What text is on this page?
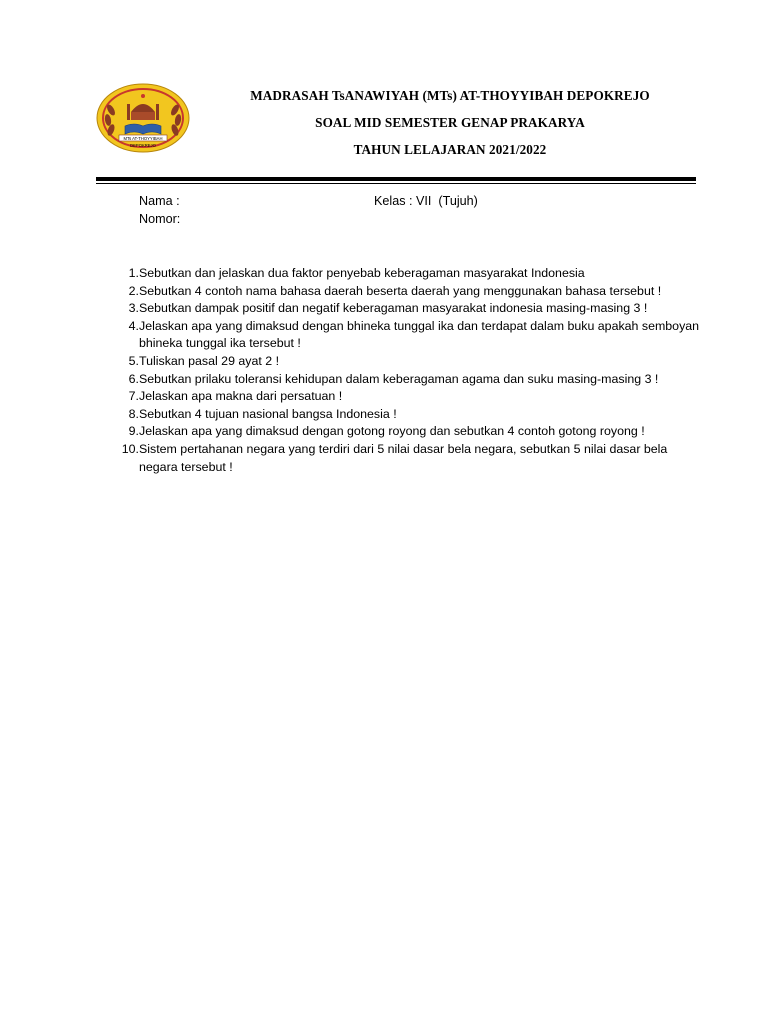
MTs AT-THOYYIBAH
DEPOKREJO
MADRASAH TsANAWIYAH (MTs) AT-THOYYIBAH DEPOKREJO
SOAL MID SEMESTER GENAP PRAKARYA
TAHUN LELAJARAN 2021/2022
Nama :
Nomor:
Kelas : VII  (Tujuh)
1. Sebutkan dan jelaskan dua faktor penyebab keberagaman masyarakat Indonesia
2. Sebutkan 4 contoh nama bahasa daerah beserta daerah yang menggunakan bahasa tersebut !
3. Sebutkan dampak positif dan negatif keberagaman masyarakat indonesia masing-masing 3 !
4. Jelaskan apa yang dimaksud dengan bhineka tunggal ika dan terdapat dalam buku apakah semboyan bhineka tunggal ika tersebut !
5. Tuliskan pasal 29 ayat 2 !
6. Sebutkan prilaku toleransi kehidupan dalam keberagaman agama dan suku masing-masing 3 !
7. Jelaskan apa makna dari persatuan !
8. Sebutkan 4 tujuan nasional bangsa Indonesia !
9. Jelaskan apa yang dimaksud dengan gotong royong dan sebutkan 4 contoh gotong royong !
10. Sistem pertahanan negara yang terdiri dari 5 nilai dasar bela negara, sebutkan 5 nilai dasar bela negara tersebut !
